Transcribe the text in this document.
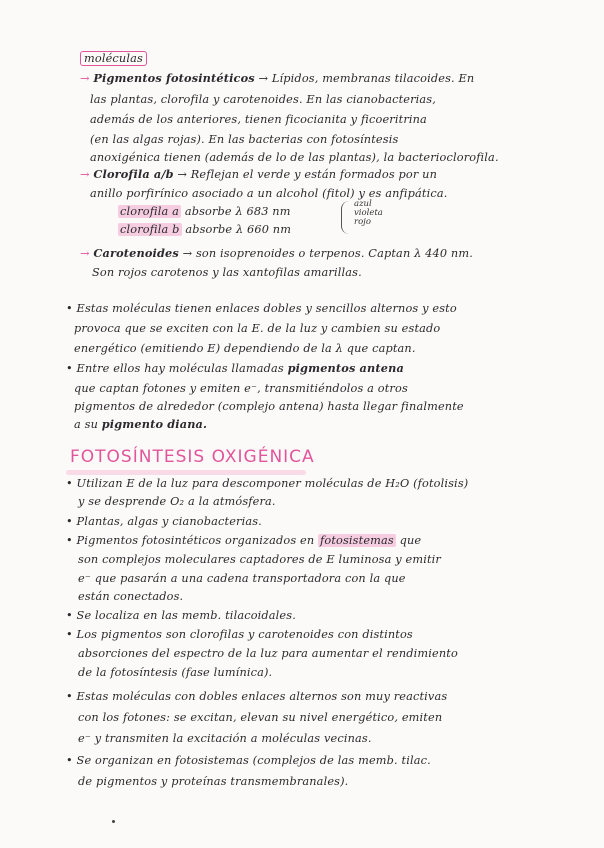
moléculas
→ Pigmentos fotosintéticos → Lípidos, membranas tilacoides. En
las plantas, clorofila y carotenoides. En las cianobacterias,
además de los anteriores, tienen ficocianita y ficoeritrina
(en las algas rojas). En las bacterias con fotosíntesis
anoxigénica tienen (además de lo de las plantas), la bacterioclorofila.
→ Clorofila a/b → Reflejan el verde y están formados por un
anillo porfirínico asociado a un alcohol (fitol) y es anfipática.
clorofila a absorbe λ 683 nm
clorofila b absorbe λ 660 nm
azul
violeta
rojo
→ Carotenoides → son isoprenoides o terpenos. Captan λ 440 nm.
Son rojos carotenos y las xantofilas amarillas.
• Estas moléculas tienen enlaces dobles y sencillos alternos y esto
provoca que se exciten con la E. de la luz y cambien su estado
energético (emitiendo E) dependiendo de la λ que captan.
• Entre ellos hay moléculas llamadas pigmentos antena
que captan fotones y emiten e⁻, transmitiéndolos a otros
pigmentos de alrededor (complejo antena) hasta llegar finalmente
a su pigmento diana.
FOTOSÍNTESIS OXIGÉNICA
• Utilizan E de la luz para descomponer moléculas de H₂O (fotolisis)
y se desprende O₂ a la atmósfera.
• Plantas, algas y cianobacterias.
• Pigmentos fotosintéticos organizados en fotosistemas que
son complejos moleculares captadores de E luminosa y emitir
e⁻ que pasarán a una cadena transportadora con la que
están conectados.
• Se localiza en las memb. tilacoidales.
• Los pigmentos son clorofilas y carotenoides con distintos
absorciones del espectro de la luz para aumentar el rendimiento
de la fotosíntesis (fase lumínica).
• Estas moléculas con dobles enlaces alternos son muy reactivas
con los fotones: se excitan, elevan su nivel energético, emiten
e⁻ y transmiten la excitación a moléculas vecinas.
• Se organizan en fotosistemas (complejos de las memb. tilac.
de pigmentos y proteínas transmembranales).
